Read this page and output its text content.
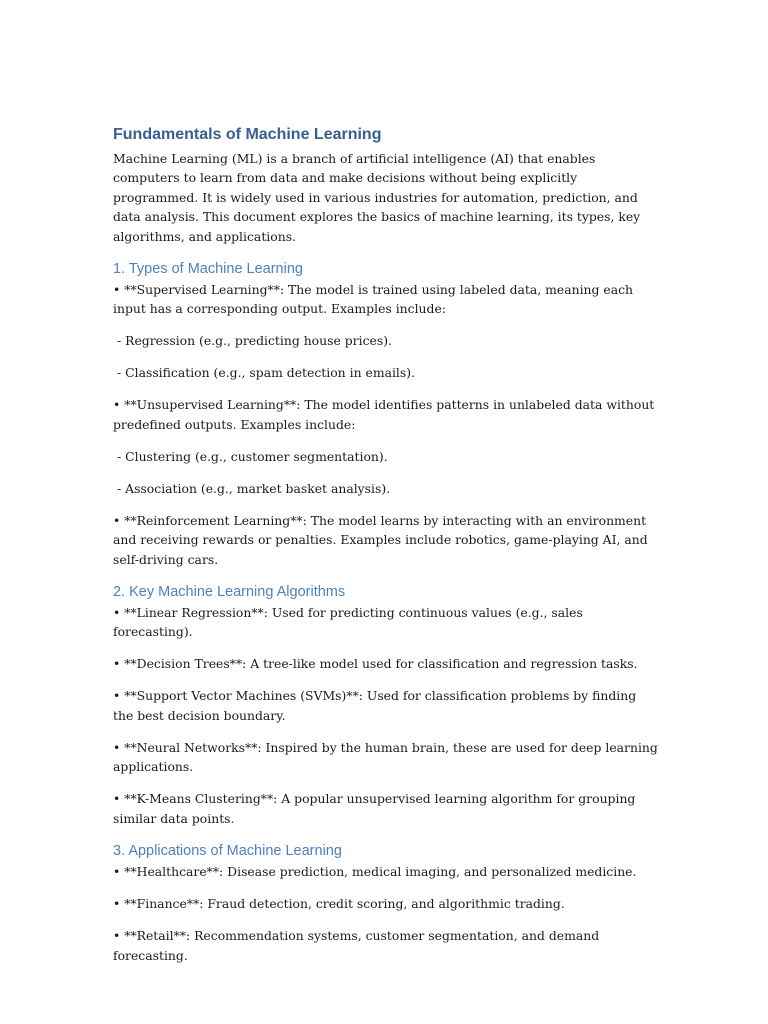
Fundamentals of Machine Learning

Machine Learning (ML) is a branch of artificial intelligence (AI) that enables computers to learn from data and make decisions without being explicitly programmed. It is widely used in various industries for automation, prediction, and data analysis. This document explores the basics of machine learning, its types, key algorithms, and applications.

1. Types of Machine Learning

• **Supervised Learning**: The model is trained using labeled data, meaning each input has a corresponding output. Examples include:

- Regression (e.g., predicting house prices).

- Classification (e.g., spam detection in emails).

• **Unsupervised Learning**: The model identifies patterns in unlabeled data without predefined outputs. Examples include:

- Clustering (e.g., customer segmentation).

- Association (e.g., market basket analysis).

• **Reinforcement Learning**: The model learns by interacting with an environment and receiving rewards or penalties. Examples include robotics, game-playing AI, and self-driving cars.

2. Key Machine Learning Algorithms

• **Linear Regression**: Used for predicting continuous values (e.g., sales forecasting).

• **Decision Trees**: A tree-like model used for classification and regression tasks.

• **Support Vector Machines (SVMs)**: Used for classification problems by finding the best decision boundary.

• **Neural Networks**: Inspired by the human brain, these are used for deep learning applications.

• **K-Means Clustering**: A popular unsupervised learning algorithm for grouping similar data points.

3. Applications of Machine Learning

• **Healthcare**: Disease prediction, medical imaging, and personalized medicine.

• **Finance**: Fraud detection, credit scoring, and algorithmic trading.

• **Retail**: Recommendation systems, customer segmentation, and demand forecasting.
